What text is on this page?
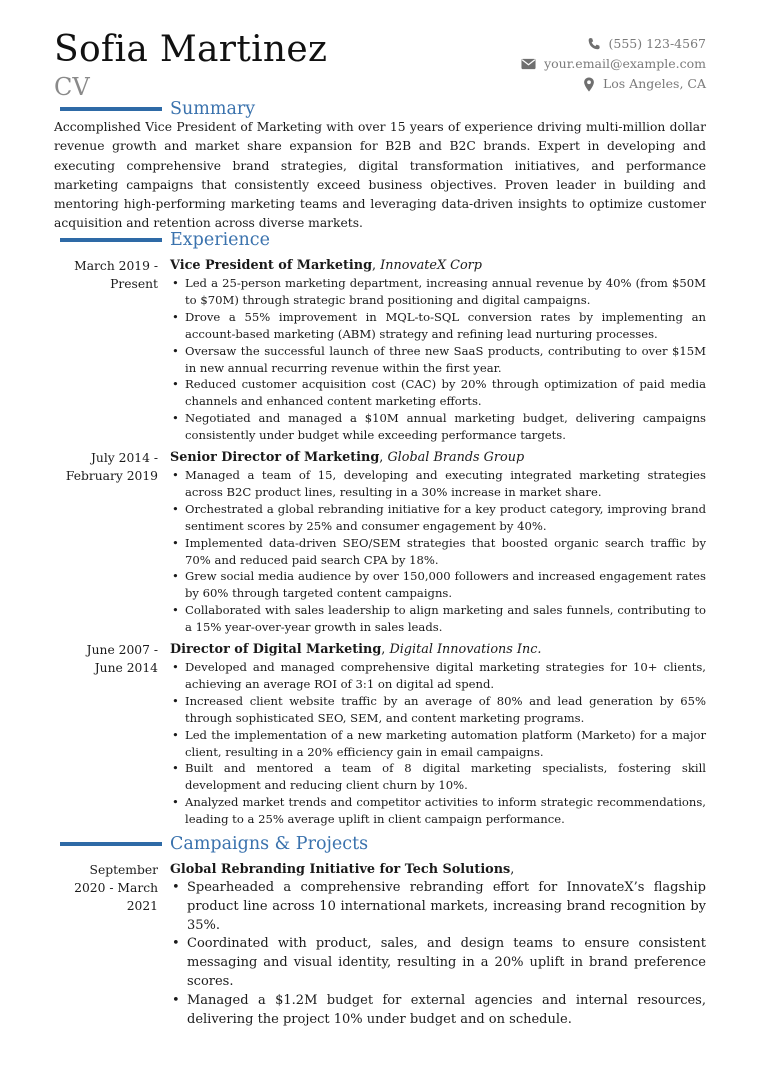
Sofia Martinez
CV
(555) 123-4567
your.email@example.com
Los Angeles, CA
Summary

Accomplished Vice President of Marketing with over 15 years of experience driving multi-million dollar revenue growth and market share expansion for B2B and B2C brands. Expert in developing and executing comprehensive brand strategies, digital transformation initiatives, and performance marketing campaigns that consistently exceed business objectives. Proven leader in building and mentoring high-performing marketing teams and leveraging data-driven insights to optimize customer acquisition and retention across diverse markets.

Experience
March 2019 -
Present
Vice President of Marketing, InnovateX Corp
• Led a 25-person marketing department, increasing annual revenue by 40% (from $50M to $70M) through strategic brand positioning and digital campaigns.
• Drove a 55% improvement in MQL-to-SQL conversion rates by implementing an account-based marketing (ABM) strategy and refining lead nurturing processes.
• Oversaw the successful launch of three new SaaS products, contributing to over $15M in new annual recurring revenue within the first year.
• Reduced customer acquisition cost (CAC) by 20% through optimization of paid media channels and enhanced content marketing efforts.
• Negotiated and managed a $10M annual marketing budget, delivering campaigns consistently under budget while exceeding performance targets.
July 2014 -
February 2019
Senior Director of Marketing, Global Brands Group
• Managed a team of 15, developing and executing integrated marketing strategies across B2C product lines, resulting in a 30% increase in market share.
• Orchestrated a global rebranding initiative for a key product category, improving brand sentiment scores by 25% and consumer engagement by 40%.
• Implemented data-driven SEO/SEM strategies that boosted organic search traffic by 70% and reduced paid search CPA by 18%.
• Grew social media audience by over 150,000 followers and increased engagement rates by 60% through targeted content campaigns.
• Collaborated with sales leadership to align marketing and sales funnels, contributing to a 15% year-over-year growth in sales leads.
June 2007 -
June 2014
Director of Digital Marketing, Digital Innovations Inc.
• Developed and managed comprehensive digital marketing strategies for 10+ clients, achieving an average ROI of 3:1 on digital ad spend.
• Increased client website traffic by an average of 80% and lead generation by 65% through sophisticated SEO, SEM, and content marketing programs.
• Led the implementation of a new marketing automation platform (Marketo) for a major client, resulting in a 20% efficiency gain in email campaigns.
• Built and mentored a team of 8 digital marketing specialists, fostering skill development and reducing client churn by 10%.
• Analyzed market trends and competitor activities to inform strategic recommendations, leading to a 25% average uplift in client campaign performance.
Campaigns & Projects
September
2020 - March
2021
Global Rebranding Initiative for Tech Solutions,
• Spearheaded a comprehensive rebranding effort for InnovateX’s flagship product line across 10 international markets, increasing brand recognition by 35%.
• Coordinated with product, sales, and design teams to ensure consistent messaging and visual identity, resulting in a 20% uplift in brand preference scores.
• Managed a $1.2M budget for external agencies and internal resources, delivering the project 10% under budget and on schedule.
